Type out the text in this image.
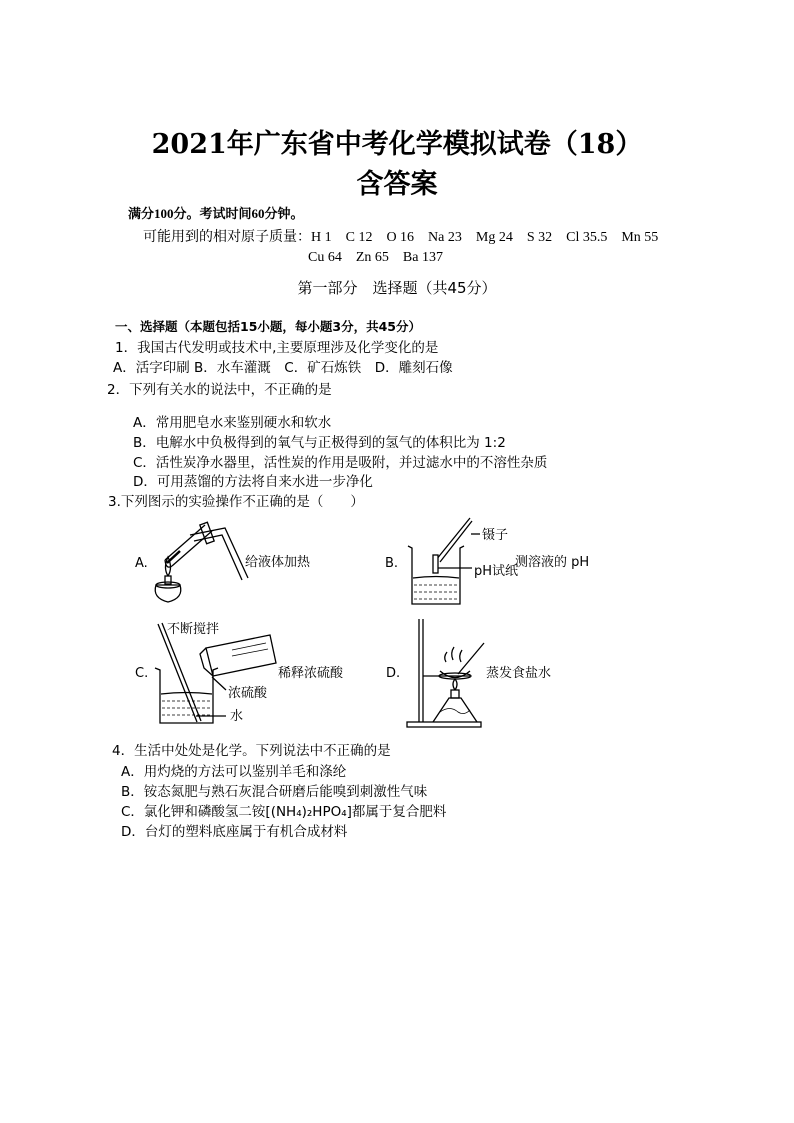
2021年广东省中考化学模拟试卷（18）
含答案
满分100分。考试时间60分钟。
可能用到的相对原子质量：H 1　C 12　O 16　Na 23　Mg 24　S 32　Cl 35.5　Mn 55
Cu 64　Zn 65　Ba 137
第一部分　选择题（共45分）
一、选择题（本题包括15小题，每小题3分，共45分）
1．我国古代发明或技术中,主要原理涉及化学变化的是
A．活字印刷 B．水车灌溉　C．矿石炼铁　D．雕刻石像
2．下列有关水的说法中，不正确的是
A．常用肥皂水来鉴别硬水和软水
B．电解水中负极得到的氧气与正极得到的氢气的体积比为 1:2
C．活性炭净水器里，活性炭的作用是吸附，并过滤水中的不溶性杂质
D．可用蒸馏的方法将自来水进一步净化
3.下列图示的实验操作不正确的是（　　）
A.	给液体加热	B.
镊子
pH试纸
测溶液的 pH
不断搅拌
C.	稀释浓硫酸
浓硫酸
水
D.	蒸发食盐水
4．生活中处处是化学。下列说法中不正确的是
A．用灼烧的方法可以鉴别羊毛和涤纶
B．铵态氮肥与熟石灰混合研磨后能嗅到刺激性气味
C．氯化钾和磷酸氢二铵[(NH₄)₂HPO₄]都属于复合肥料
D．台灯的塑料底座属于有机合成材料
